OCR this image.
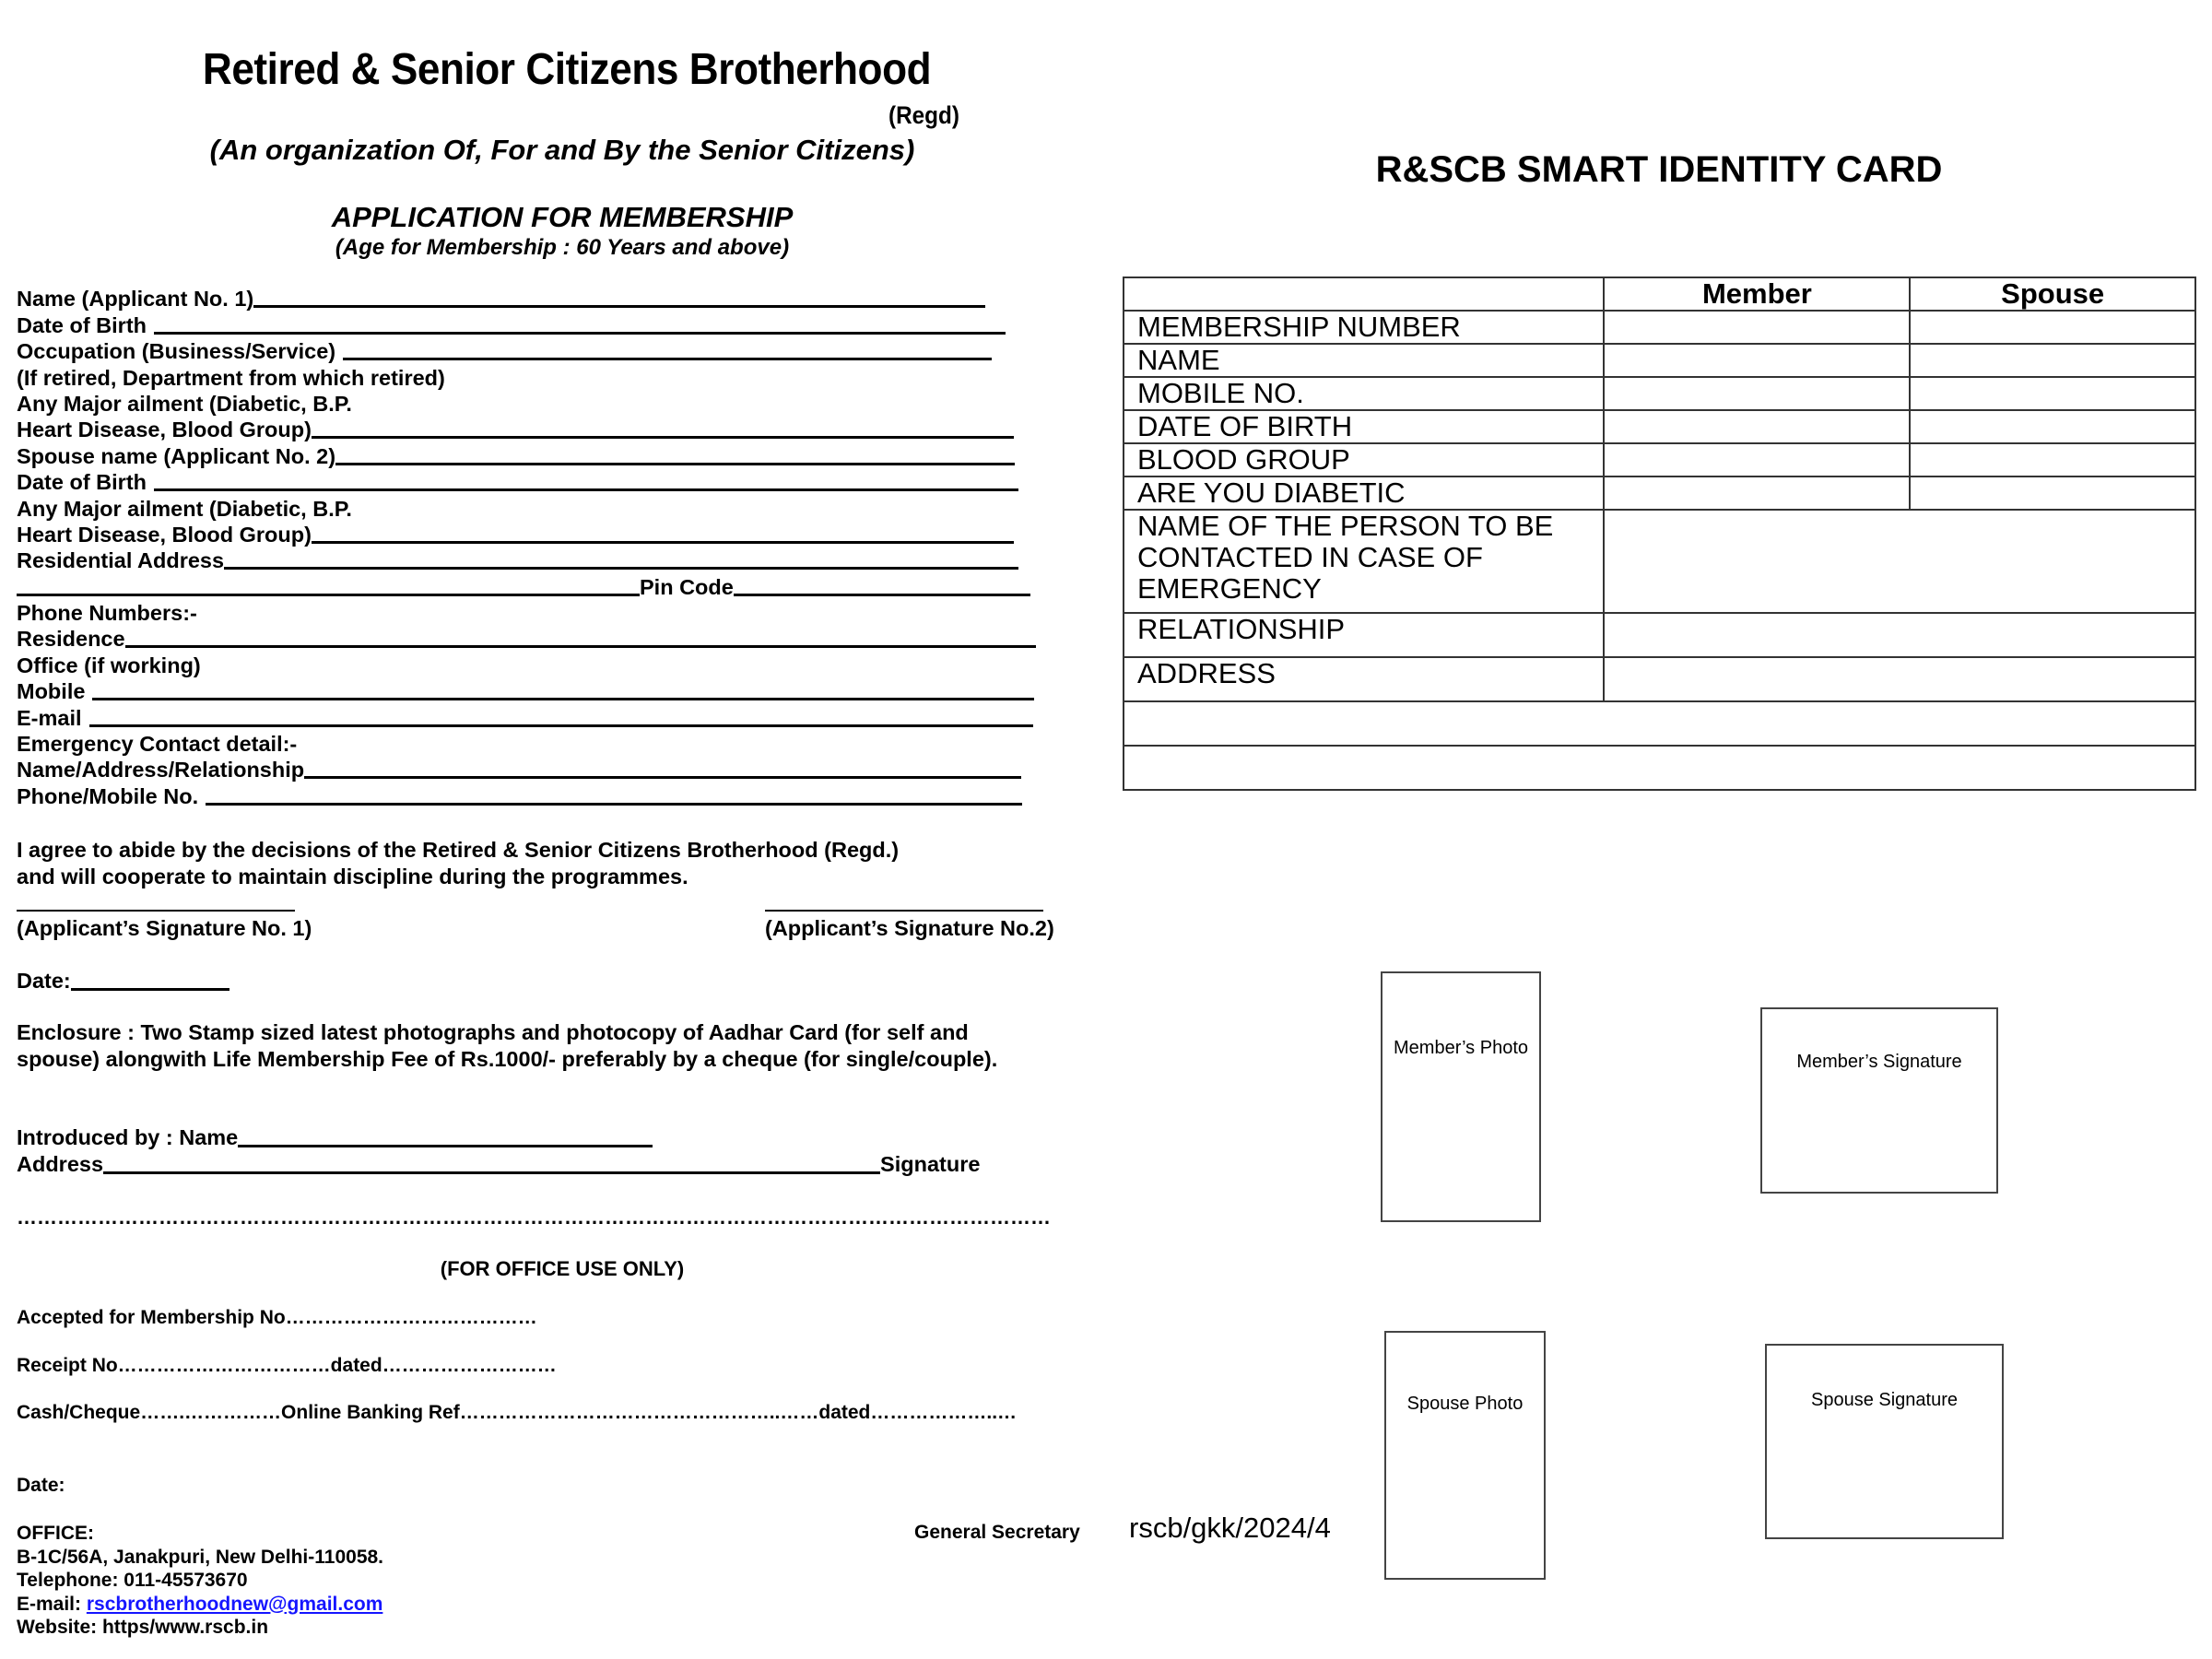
Retired & Senior Citizens Brotherhood
(Regd)
(An organization Of, For and By the Senior Citizens)
APPLICATION FOR MEMBERSHIP
(Age for Membership : 60 Years and above)
Name (Applicant No. 1)
Date of Birth
Occupation (Business/Service)
(If retired, Department from which retired)
Any Major ailment (Diabetic, B.P.
Heart Disease, Blood Group)
Spouse name (Applicant No. 2)
Date of Birth
Any Major ailment (Diabetic, B.P.
Heart Disease, Blood Group)
Residential Address
Pin Code
Phone Numbers:-
Residence
Office (if working)
Mobile
E-mail
Emergency Contact detail:-
Name/Address/Relationship
Phone/Mobile No.
I agree to abide by the decisions of the Retired & Senior Citizens Brotherhood (Regd.)
and will cooperate to maintain discipline during the programmes.
(Applicant’s Signature No. 1)	(Applicant’s Signature No.2)
Date:
Enclosure : Two Stamp sized latest photographs and photocopy of Aadhar Card (for self and
spouse) alongwith Life Membership Fee of Rs.1000/- preferably by a cheque (for single/couple).
Introduced by : Name
Address	Signature
………………………………………………………………………………………………………………………………………
(FOR OFFICE USE ONLY)
Accepted for Membership No…………………………………
Receipt No……………………………dated………………………
Cash/Cheque…….……………Online Banking Ref…………………………………………..……dated………………..…
Date:
General Secretary
OFFICE:
B-1C/56A, Janakpuri, New Delhi-110058.
Telephone: 011-45573670
E-mail: rscbrotherhoodnew@gmail.com
Website: https/www.rscb.in
rscb/gkk/2024/4
R&SCB SMART IDENTITY CARD
	Member	Spouse
MEMBERSHIP NUMBER		
NAME		
MOBILE NO.		
DATE OF BIRTH		
BLOOD GROUP		
ARE YOU DIABETIC		

NAME OF THE PERSON TO BE
CONTACTED IN CASE OF
EMERGENCY		

RELATIONSHIP		
ADDRESS		

Member’s Photo
Member’s Signature
Spouse Photo	Spouse Signature
